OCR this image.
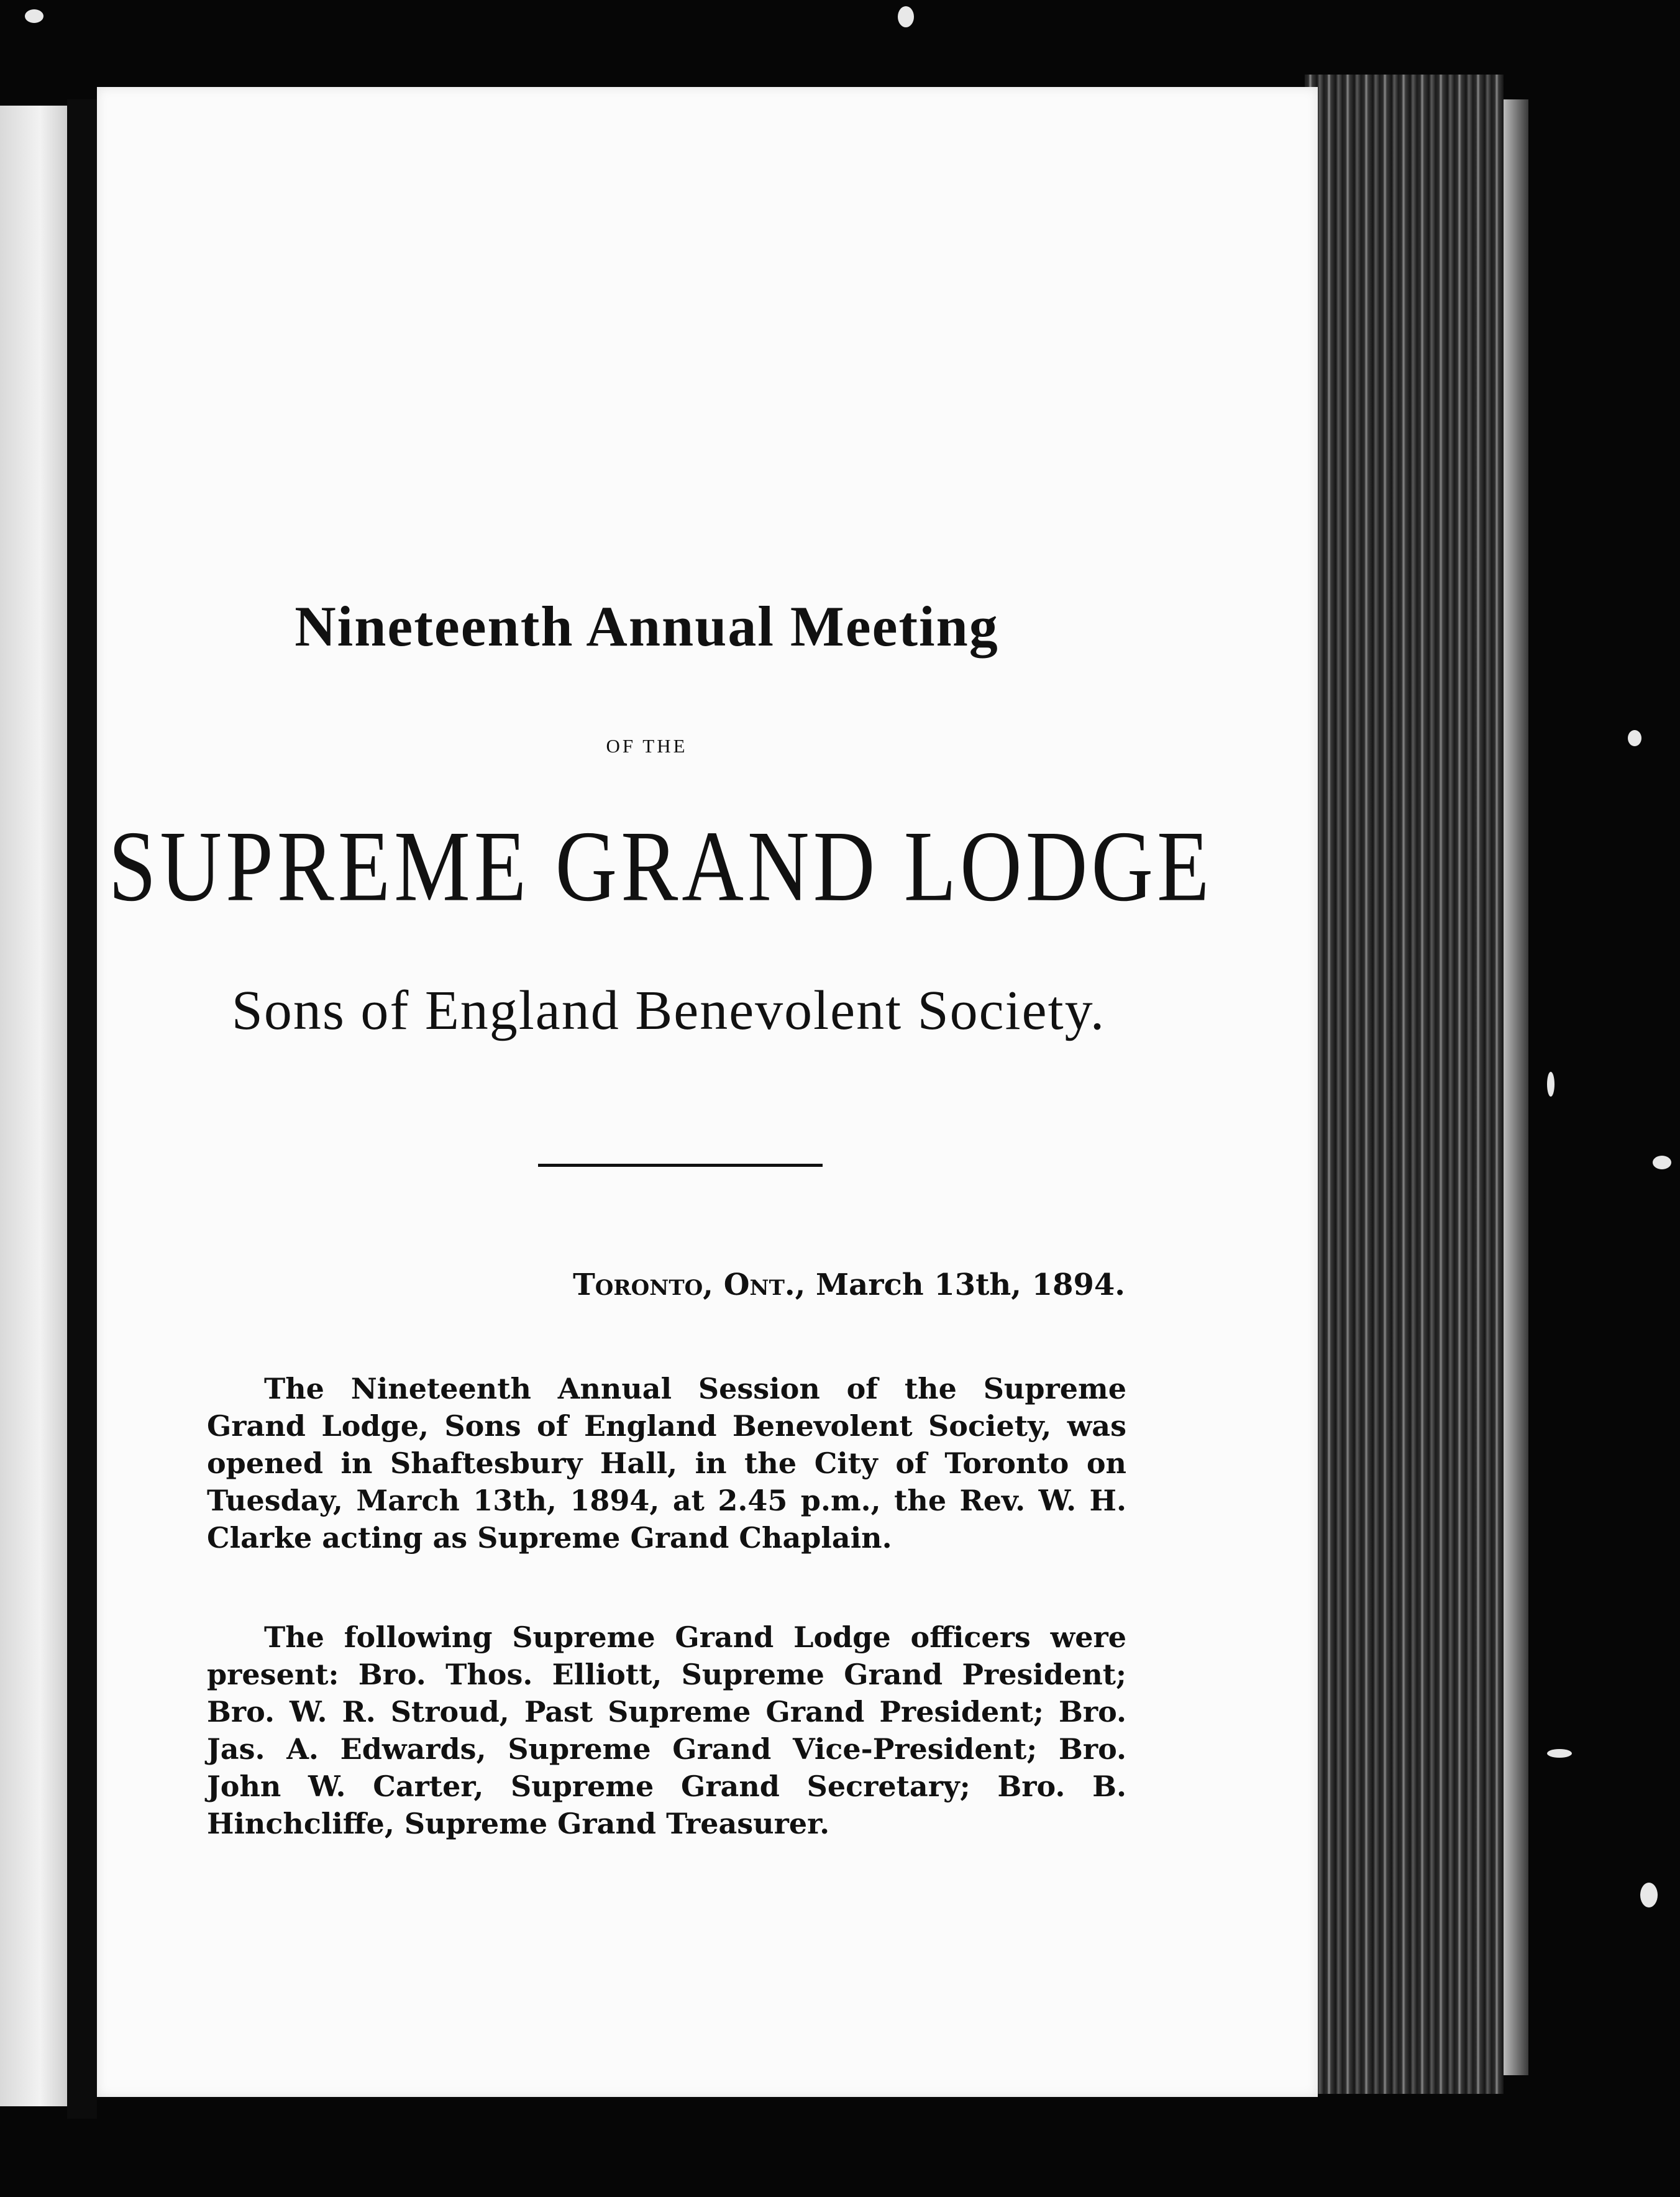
Nineteenth Annual Meeting
OF THE
SUPREME GRAND LODGE
Sons of England Benevolent Society.
Toronto, Ont., March 13th, 1894.

The Nineteenth Annual Session of the Supreme Grand Lodge, Sons of England Benevolent Society, was opened in Shaftesbury Hall, in the City of Toronto on Tuesday, March 13th, 1894, at 2.45 p.m., the Rev. W. H. Clarke acting as Supreme Grand Chaplain.

The following Supreme Grand Lodge officers were present: Bro. Thos. Elliott, Supreme Grand President; Bro. W. R. Stroud, Past Supreme Grand President; Bro. Jas. A. Edwards, Supreme Grand Vice-President; Bro. John W. Carter, Supreme Grand Secretary; Bro. B. Hinchcliffe, Supreme Grand Treasurer.
